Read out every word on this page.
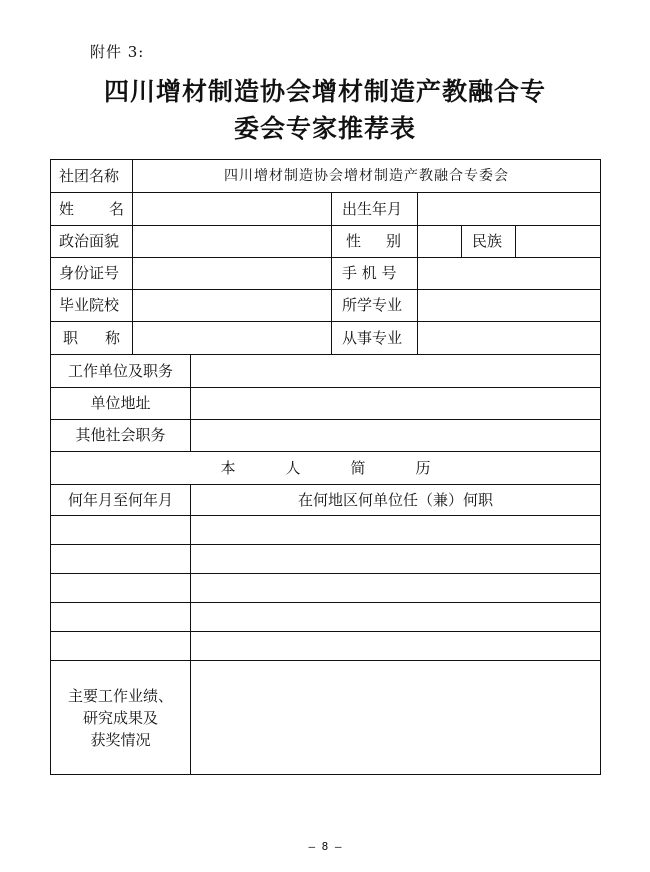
附件 3:
四川增材制造协会增材制造产教融合专
委会专家推荐表
社团名称	四川增材制造协会增材制造产教融合专委会
姓 名	出生年月
政治面貌	性 别	民族
身份证号	手 机 号
毕业院校	所学专业
职 称	从事专业
工作单位及职务
单位地址
其他社会职务
本	人	简	历
何年月至何年月	在何地区何单位任（兼）何职
主要工作业绩、
研究成果及
获奖情况
– 8 –
